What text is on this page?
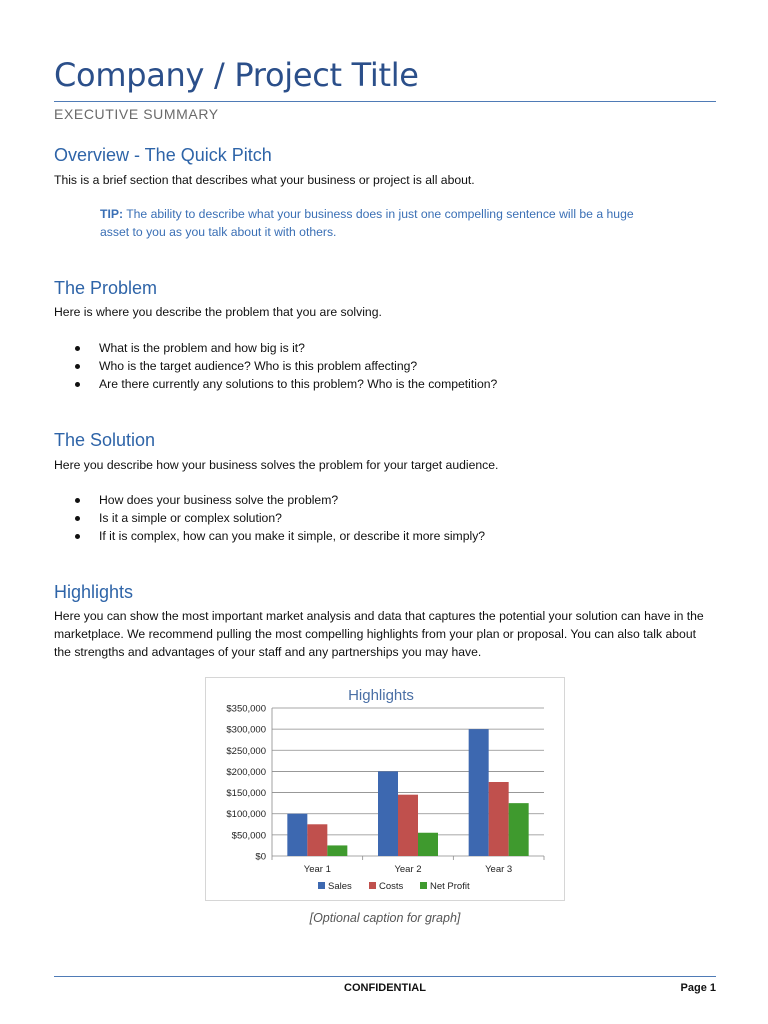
Company / Project Title
EXECUTIVE SUMMARY
Overview - The Quick Pitch

This is a brief section that describes what your business or project is all about.

TIP: The ability to describe what your business does in just one compelling sentence will be a huge asset to you as you talk about it with others.

The Problem

Here is where you describe the problem that you are solving.

What is the problem and how big is it?
Who is the target audience? Who is this problem affecting?
Are there currently any solutions to this problem? Who is the competition?
The Solution

Here you describe how your business solves the problem for your target audience.

How does your business solve the problem?
Is it a simple or complex solution?
If it is complex, how can you make it simple, or describe it more simply?
Highlights

Here you can show the most important market analysis and data that captures the potential your solution can have in the marketplace. We recommend pulling the most compelling highlights from your plan or proposal. You can also talk about the strengths and advantages of your staff and any partnerships you may have.

Highlights
$0
$50,000
$100,000
$150,000
$200,000
$250,000
$300,000
$350,000
Year 1	Year 2	Year 3
Sales	Costs	Net Profit

[Optional caption for graph]

CONFIDENTIAL	Page 1
